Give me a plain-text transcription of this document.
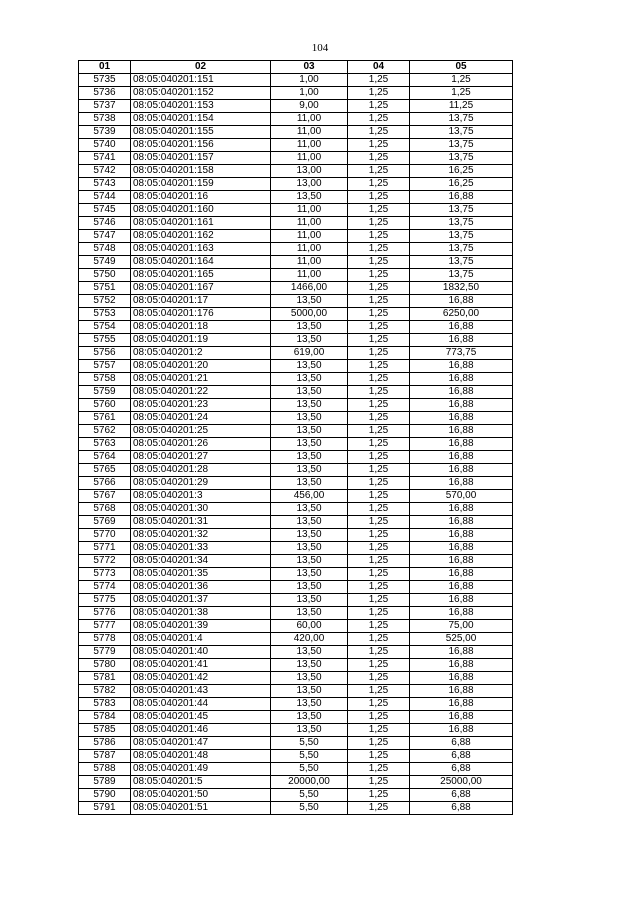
104
01	02	03	04	05
5735	08:05:040201:151	1,00	1,25	1,25
5736	08:05:040201:152	1,00	1,25	1,25
5737	08:05:040201:153	9,00	1,25	11,25
5738	08:05:040201:154	11,00	1,25	13,75
5739	08:05:040201:155	11,00	1,25	13,75
5740	08:05:040201:156	11,00	1,25	13,75
5741	08:05:040201:157	11,00	1,25	13,75
5742	08:05:040201:158	13,00	1,25	16,25
5743	08:05:040201:159	13,00	1,25	16,25
5744	08:05:040201:16	13,50	1,25	16,88
5745	08:05:040201:160	11,00	1,25	13,75
5746	08:05:040201:161	11,00	1,25	13,75
5747	08:05:040201:162	11,00	1,25	13,75
5748	08:05:040201:163	11,00	1,25	13,75
5749	08:05:040201:164	11,00	1,25	13,75
5750	08:05:040201:165	11,00	1,25	13,75
5751	08:05:040201:167	1466,00	1,25	1832,50
5752	08:05:040201:17	13,50	1,25	16,88
5753	08:05:040201:176	5000,00	1,25	6250,00
5754	08:05:040201:18	13,50	1,25	16,88
5755	08:05:040201:19	13,50	1,25	16,88
5756	08:05:040201:2	619,00	1,25	773,75
5757	08:05:040201:20	13,50	1,25	16,88
5758	08:05:040201:21	13,50	1,25	16,88
5759	08:05:040201:22	13,50	1,25	16,88
5760	08:05:040201:23	13,50	1,25	16,88
5761	08:05:040201:24	13,50	1,25	16,88
5762	08:05:040201:25	13,50	1,25	16,88
5763	08:05:040201:26	13,50	1,25	16,88
5764	08:05:040201:27	13,50	1,25	16,88
5765	08:05:040201:28	13,50	1,25	16,88
5766	08:05:040201:29	13,50	1,25	16,88
5767	08:05:040201:3	456,00	1,25	570,00
5768	08:05:040201:30	13,50	1,25	16,88
5769	08:05:040201:31	13,50	1,25	16,88
5770	08:05:040201:32	13,50	1,25	16,88
5771	08:05:040201:33	13,50	1,25	16,88
5772	08:05:040201:34	13,50	1,25	16,88
5773	08:05:040201:35	13,50	1,25	16,88
5774	08:05:040201:36	13,50	1,25	16,88
5775	08:05:040201:37	13,50	1,25	16,88
5776	08:05:040201:38	13,50	1,25	16,88
5777	08:05:040201:39	60,00	1,25	75,00
5778	08:05:040201:4	420,00	1,25	525,00
5779	08:05:040201:40	13,50	1,25	16,88
5780	08:05:040201:41	13,50	1,25	16,88
5781	08:05:040201:42	13,50	1,25	16,88
5782	08:05:040201:43	13,50	1,25	16,88
5783	08:05:040201:44	13,50	1,25	16,88
5784	08:05:040201:45	13,50	1,25	16,88
5785	08:05:040201:46	13,50	1,25	16,88
5786	08:05:040201:47	5,50	1,25	6,88
5787	08:05:040201:48	5,50	1,25	6,88
5788	08:05:040201:49	5,50	1,25	6,88
5789	08:05:040201:5	20000,00	1,25	25000,00
5790	08:05:040201:50	5,50	1,25	6,88
5791	08:05:040201:51	5,50	1,25	6,88
